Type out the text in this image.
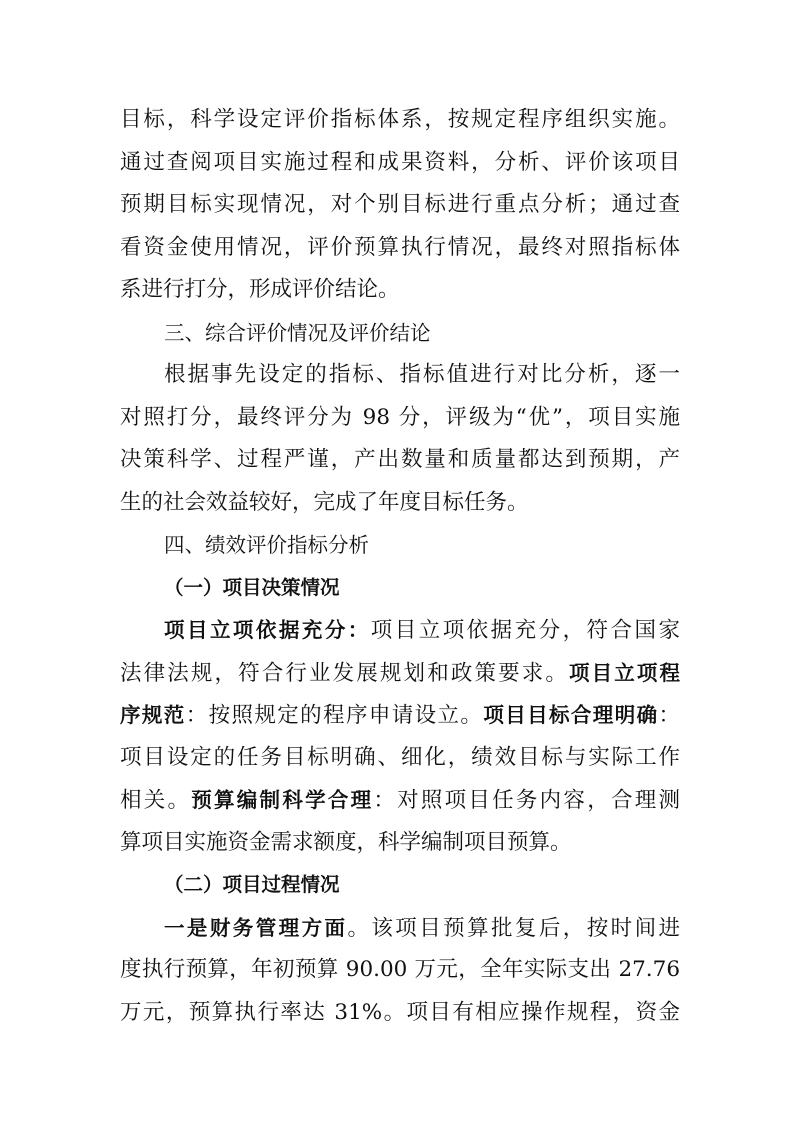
目标，科学设定评价指标体系，按规定程序组织实施。
通过查阅项目实施过程和成果资料，分析、评价该项目
预期目标实现情况，对个别目标进行重点分析；通过查
看资金使用情况，评价预算执行情况，最终对照指标体
系进行打分，形成评价结论。
三、综合评价情况及评价结论
根据事先设定的指标、指标值进行对比分析，逐一
对照打分，最终评分为 98 分，评级为“优”，项目实施
决策科学、过程严谨，产出数量和质量都达到预期，产
生的社会效益较好，完成了年度目标任务。
四、绩效评价指标分析
（一）项目决策情况
项目立项依据充分：项目立项依据充分，符合国家
法律法规，符合行业发展规划和政策要求。项目立项程
序规范：按照规定的程序申请设立。项目目标合理明确：
项目设定的任务目标明确、细化，绩效目标与实际工作
相关。预算编制科学合理：对照项目任务内容，合理测
算项目实施资金需求额度，科学编制项目预算。
（二）项目过程情况
一是财务管理方面。该项目预算批复后，按时间进
度执行预算，年初预算 90.00 万元，全年实际支出 27.76
万元，预算执行率达 31%。项目有相应操作规程，资金
